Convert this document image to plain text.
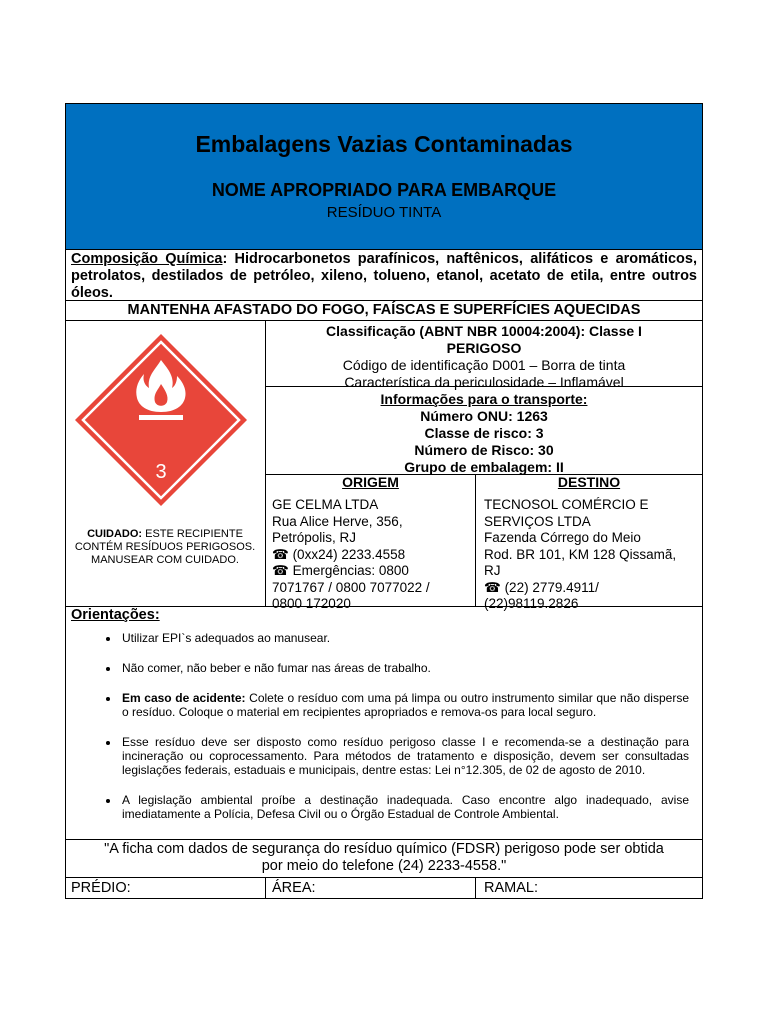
Embalagens Vazias Contaminadas
NOME APROPRIADO PARA EMBARQUE
RESÍDUO TINTA
Composição Química: Hidrocarbonetos parafínicos, naftênicos, alifáticos e aromáticos, petrolatos, destilados de petróleo, xileno, tolueno, etanol, acetato de etila, entre outros óleos.
MANTENHA AFASTADO DO FOGO, FAÍSCAS E SUPERFÍCIES AQUECIDAS
3
CUIDADO: ESTE RECIPIENTE CONTÉM RESÍDUOS PERIGOSOS. MANUSEAR COM CUIDADO.
Classificação (ABNT NBR 10004:2004): Classe I
PERIGOSO
Código de identificação D001 – Borra de tinta
Característica da periculosidade – Inflamável
Informações para o transporte:
Número ONU: 1263
Classe de risco: 3
Número de Risco: 30
Grupo de embalagem: II
ORIGEM	DESTINO
GE CELMA LTDA
Rua Alice Herve, 356,
Petrópolis, RJ
☎ (0xx24) 2233.4558
☎ Emergências: 0800
7071767 / 0800 7077022 /
0800 172020
TECNOSOL COMÉRCIO E
SERVIÇOS LTDA
Fazenda Córrego do Meio
Rod. BR 101, KM 128 Qissamã,
RJ
☎ (22) 2779.4911/
(22)98119.2826
Orientações:
• Utilizar EPI`s adequados ao manusear.
• Não comer, não beber e não fumar nas áreas de trabalho.
• Em caso de acidente: Colete o resíduo com uma pá limpa ou outro instrumento similar que não disperse o resíduo. Coloque o material em recipientes apropriados e remova-os para local seguro.
• Esse resíduo deve ser disposto como resíduo perigoso classe I e recomenda-se a destinação para incineração ou coprocessamento. Para métodos de tratamento e disposição, devem ser consultadas legislações federais, estaduais e municipais, dentre estas: Lei n°12.305, de 02 de agosto de 2010.
• A legislação ambiental proíbe a destinação inadequada. Caso encontre algo inadequado, avise imediatamente a Polícia, Defesa Civil ou o Órgão Estadual de Controle Ambiental.
"A ficha com dados de segurança do resíduo químico (FDSR) perigoso pode ser obtida
por meio do telefone (24) 2233-4558."
PRÉDIO:	ÁREA:	RAMAL:
